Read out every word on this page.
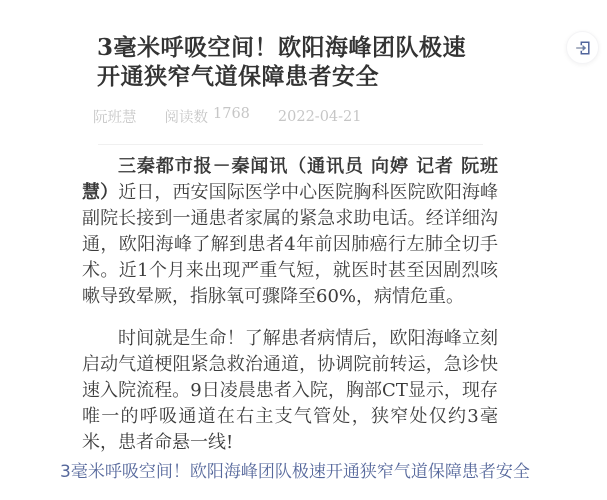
3毫米呼吸空间！欧阳海峰团队极速开通狭窄气道保障患者安全
阮班慧 阅读数 1768 2022-04-21

三秦都市报－秦闻讯（通讯员 向婷 记者 阮班慧）近日，西安国际医学中心医院胸科医院欧阳海峰副院长接到一通患者家属的紧急求助电话。经详细沟通，欧阳海峰了解到患者4年前因肺癌行左肺全切手术。近1个月来出现严重气短，就医时甚至因剧烈咳嗽导致晕厥，指脉氧可骤降至60%，病情危重。

时间就是生命！了解患者病情后，欧阳海峰立刻启动气道梗阻紧急救治通道，协调院前转运，急诊快速入院流程。9日凌晨患者入院，胸部CT显示，现存唯一的呼吸通道在右主支气管处，狭窄处仅约3毫米，患者命悬一线!

3毫米呼吸空间！欧阳海峰团队极速开通狭窄气道保障患者安全
